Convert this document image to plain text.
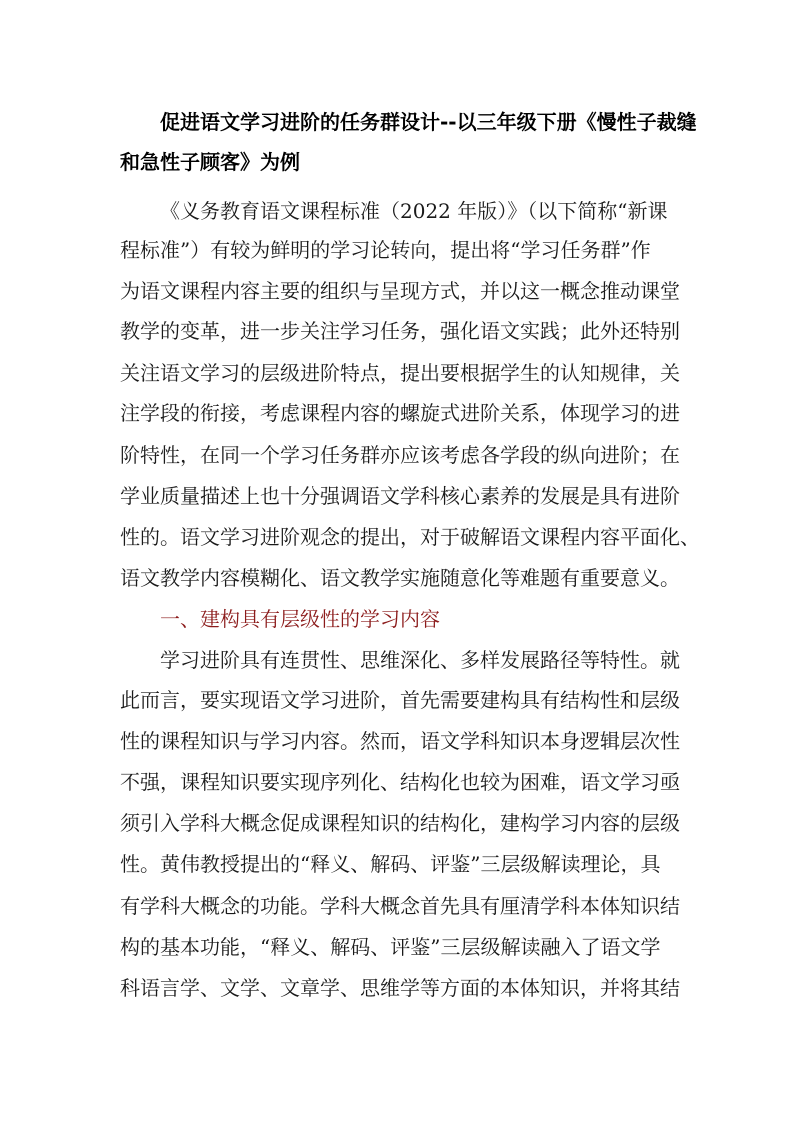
促进语文学习进阶的任务群设计--以三年级下册《慢性子裁缝
和急性子顾客》为例
《义务教育语文课程标准（2022 年版）》（以下简称“新课
程标准”）有较为鲜明的学习论转向，提出将“学习任务群”作
为语文课程内容主要的组织与呈现方式，并以这一概念推动课堂
教学的变革，进一步关注学习任务，强化语文实践；此外还特别
关注语文学习的层级进阶特点，提出要根据学生的认知规律，关
注学段的衔接，考虑课程内容的螺旋式进阶关系，体现学习的进
阶特性，在同一个学习任务群亦应该考虑各学段的纵向进阶；在
学业质量描述上也十分强调语文学科核心素养的发展是具有进阶
性的。语文学习进阶观念的提出，对于破解语文课程内容平面化、
语文教学内容模糊化、语文教学实施随意化等难题有重要意义。
一、建构具有层级性的学习内容
学习进阶具有连贯性、思维深化、多样发展路径等特性。就
此而言，要实现语文学习进阶，首先需要建构具有结构性和层级
性的课程知识与学习内容。然而，语文学科知识本身逻辑层次性
不强，课程知识要实现序列化、结构化也较为困难，语文学习亟
须引入学科大概念促成课程知识的结构化，建构学习内容的层级
性。黄伟教授提出的“释义、解码、评鉴”三层级解读理论，具
有学科大概念的功能。学科大概念首先具有厘清学科本体知识结
构的基本功能，“释义、解码、评鉴”三层级解读融入了语文学
科语言学、文学、文章学、思维学等方面的本体知识，并将其结
